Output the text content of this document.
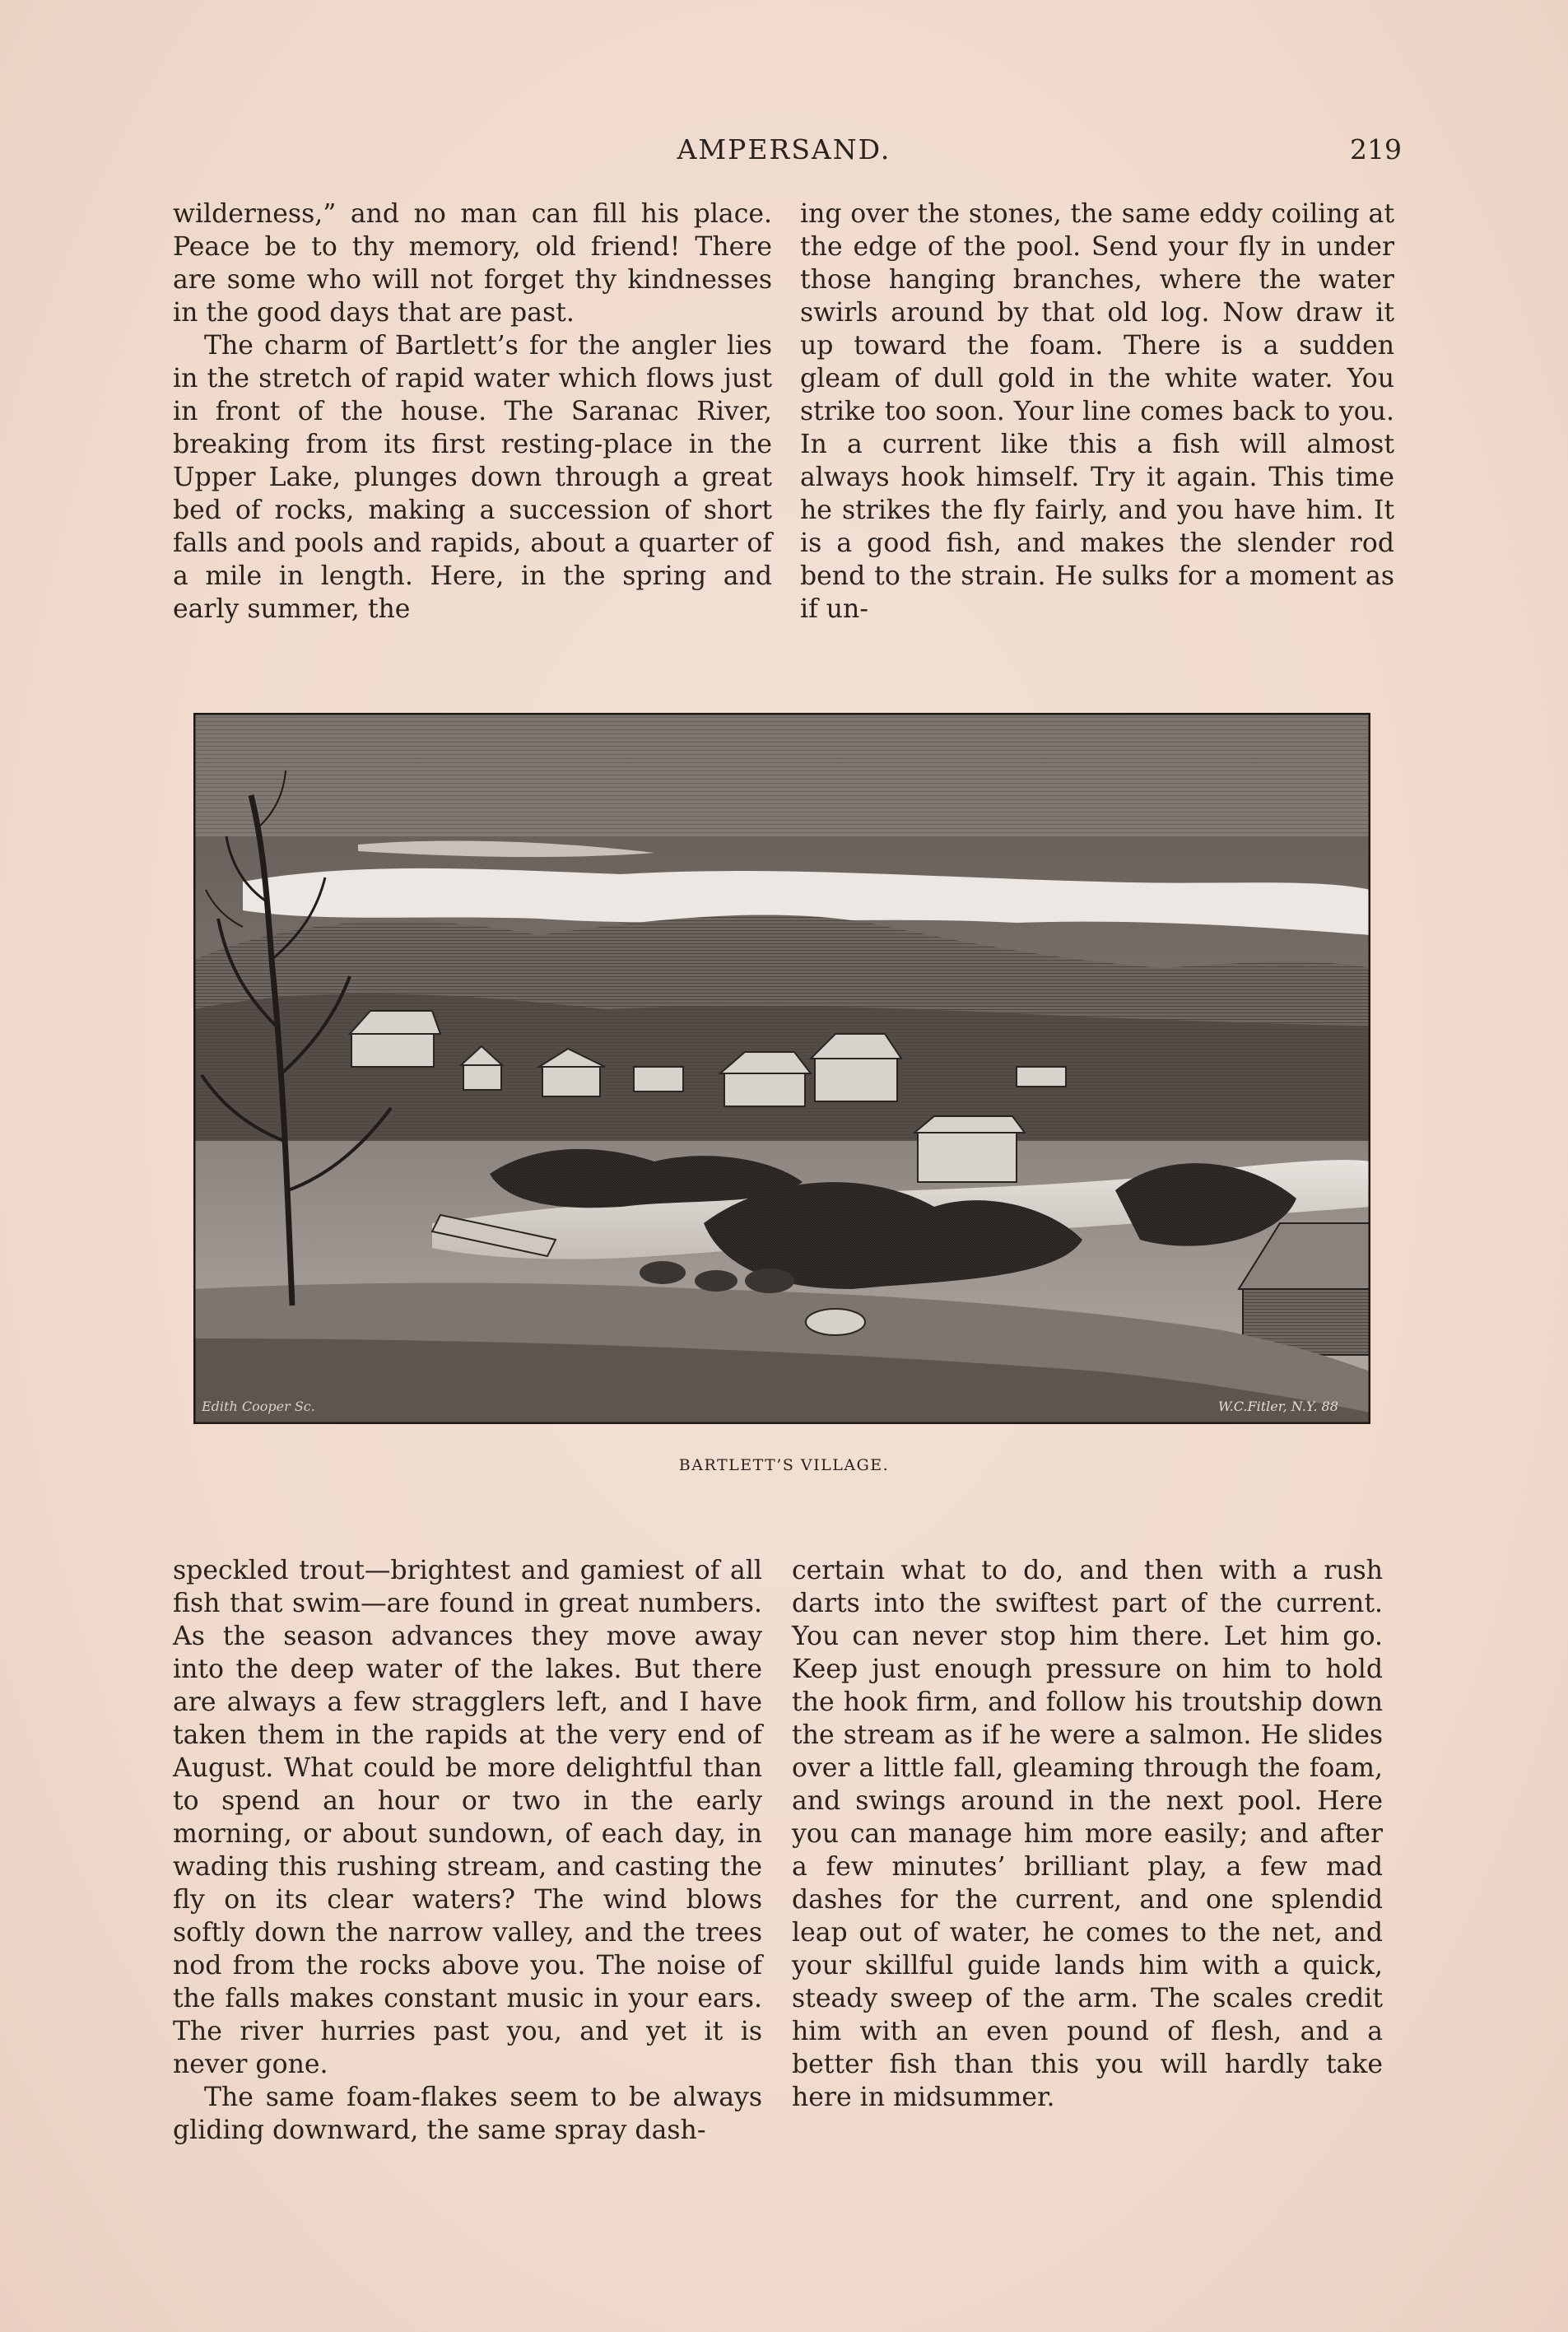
AMPERSAND.	219

wilderness,” and no man can fill his place. Peace be to thy memory, old friend! There are some who will not forget thy kindnesses in the good days that are past.

The charm of Bartlett’s for the angler lies in the stretch of rapid water which flows just in front of the house. The Saranac River, breaking from its first resting-place in the Upper Lake, plunges down through a great bed of rocks, making a succession of short falls and pools and rapids, about a quarter of a mile in length. Here, in the spring and early summer, the

ing over the stones, the same eddy coiling at the edge of the pool. Send your fly in under those hanging branches, where the water swirls around by that old log. Now draw it up toward the foam. There is a sudden gleam of dull gold in the white water. You strike too soon. Your line comes back to you. In a current like this a fish will almost always hook himself. Try it again. This time he strikes the fly fairly, and you have him. It is a good fish, and makes the slender rod bend to the strain. He sulks for a moment as if un-

Edith Cooper Sc.	W.C.Fitler, N.Y. 88
BARTLETT’S VILLAGE.

speckled trout—brightest and gamiest of all fish that swim—are found in great numbers. As the season advances they move away into the deep water of the lakes. But there are always a few stragglers left, and I have taken them in the rapids at the very end of August. What could be more delightful than to spend an hour or two in the early morning, or about sundown, of each day, in wading this rushing stream, and casting the fly on its clear waters? The wind blows softly down the narrow valley, and the trees nod from the rocks above you. The noise of the falls makes constant music in your ears. The river hurries past you, and yet it is never gone.

The same foam-flakes seem to be always gliding downward, the same spray dash-

certain what to do, and then with a rush darts into the swiftest part of the current. You can never stop him there. Let him go. Keep just enough pressure on him to hold the hook firm, and follow his troutship down the stream as if he were a salmon. He slides over a little fall, gleaming through the foam, and swings around in the next pool. Here you can manage him more easily; and after a few minutes’ brilliant play, a few mad dashes for the current, and one splendid leap out of water, he comes to the net, and your skillful guide lands him with a quick, steady sweep of the arm. The scales credit him with an even pound of flesh, and a better fish than this you will hardly take here in midsummer.
